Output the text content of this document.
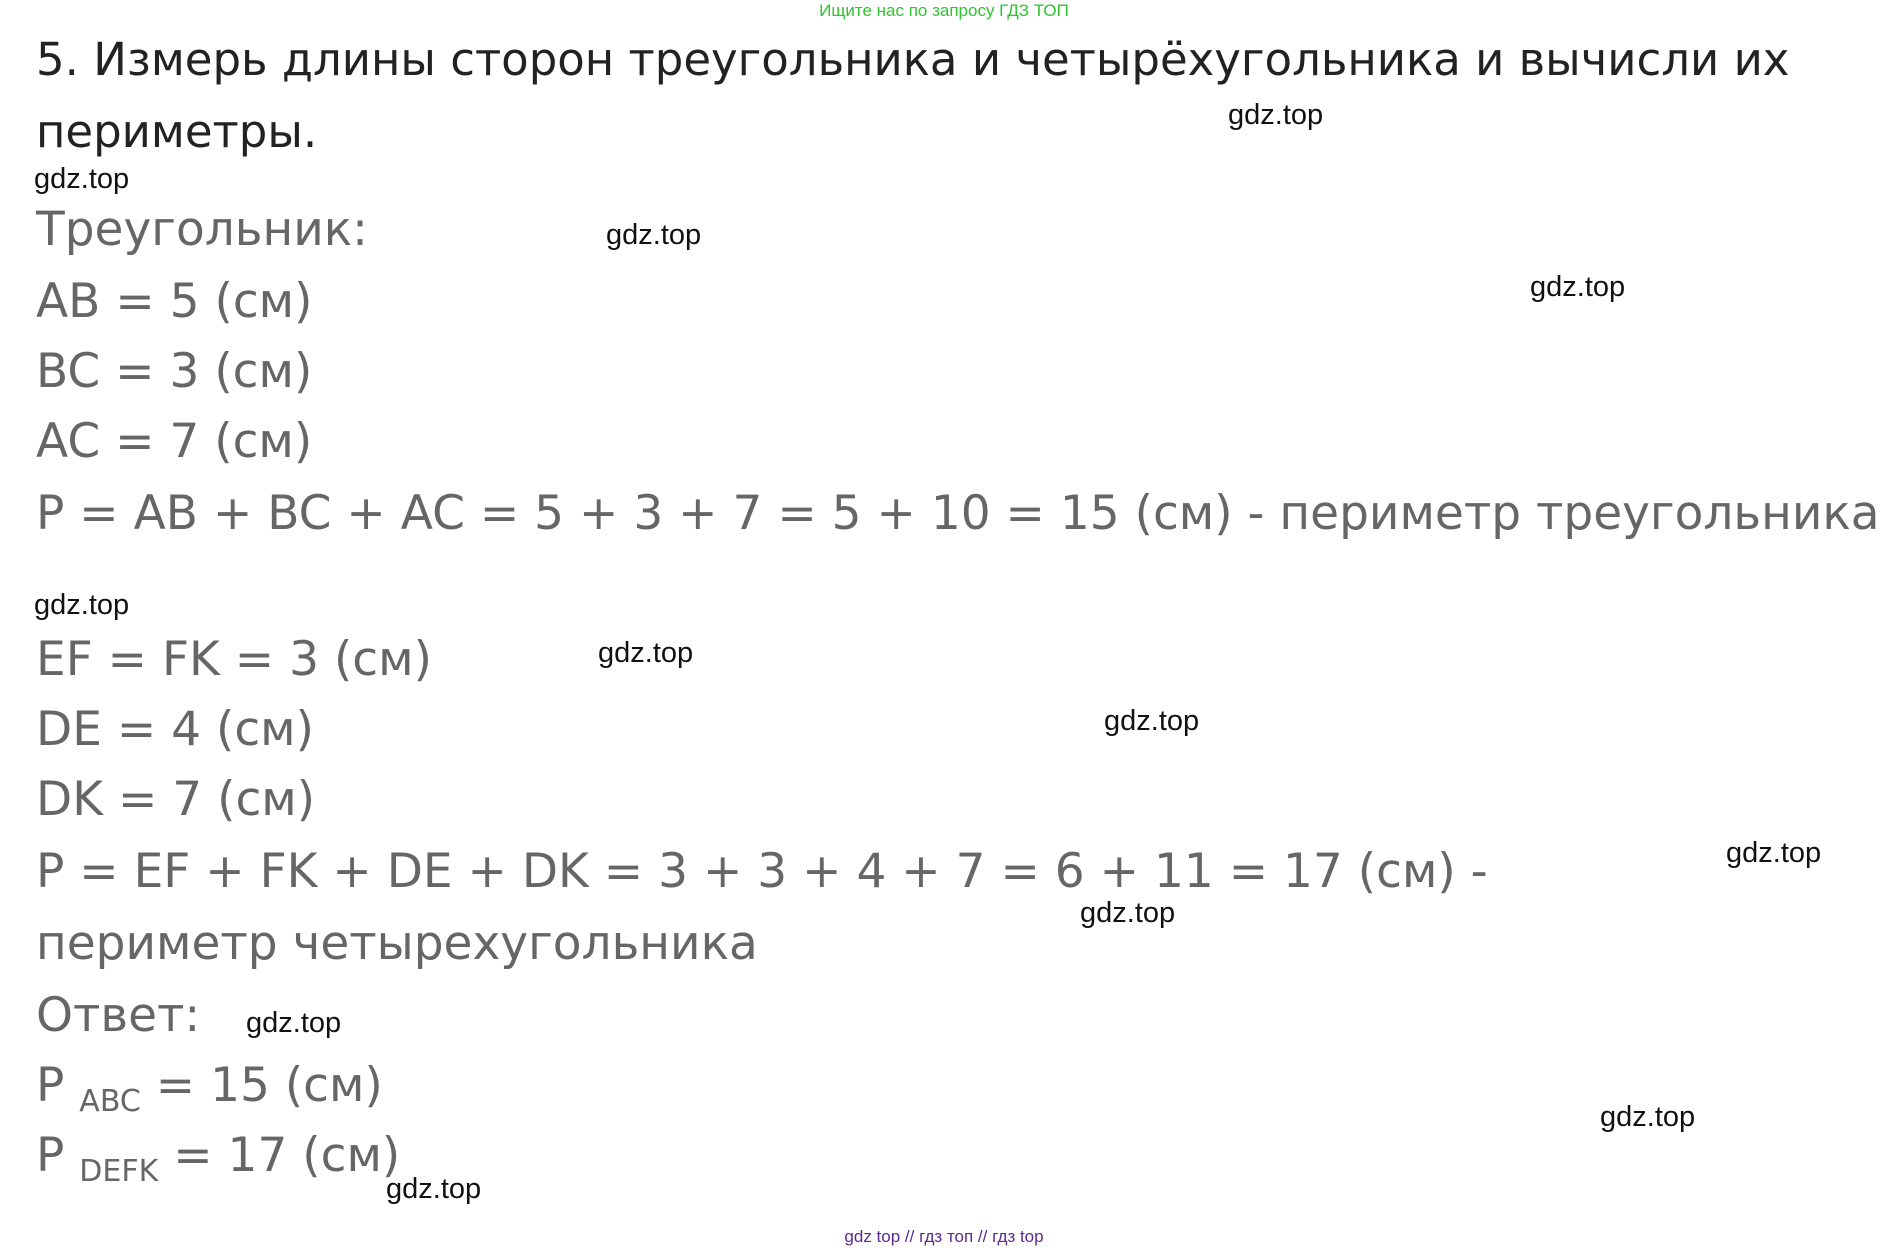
Ищите нас по запросу ГДЗ ТОП
5. Измерь длины сторон треугольника и четырёхугольника и вычисли их периметры.
Треугольник:
AB = 5 (см)
BC = 3 (см)
AC = 7 (см)
P = AB + BC + AC = 5 + 3 + 7 = 5 + 10 = 15 (см) - периметр треугольника
EF = FK = 3 (см)
DE = 4 (см)
DK = 7 (см)
P = EF + FK + DE + DK = 3 + 3 + 4 + 7 = 6 + 11 = 17 (см) - периметр четырехугольника
Ответ:
P $_{ABC}$ = 15 (см)
P $_{DEFK}$ = 17 (см)
gdz.top
gdz.top
gdz.top
gdz.top
gdz.top
gdz.top
gdz.top
gdz.top
gdz.top
gdz.top
gdz.top
gdz.top
gdz top // гдз топ // гдз top
